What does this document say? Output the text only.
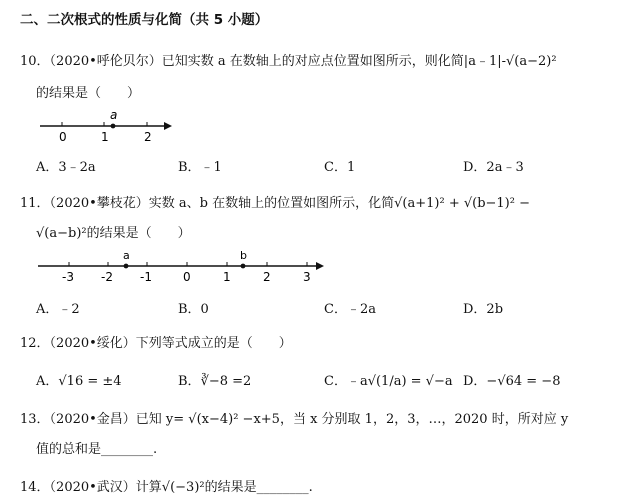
二、二次根式的性质与化简（共 5 小题）
10．（2020•呼伦贝尔）已知实数 a 在数轴上的对应点位置如图所示，则化简|a﹣1|-√(a−2)²
的结果是（　　）
0	1	2
a
A．3﹣2a	B．﹣1	C．1	D．2a﹣3
11．（2020•攀枝花）实数 a、b 在数轴上的位置如图所示，化简√(a+1)² + √(b−1)² −
√(a−b)²的结果是（　　）
-3 -2 -1	0	1	2	3
a	b
A．﹣2	B．0	C．﹣2a	D．2b
12．（2020•绥化）下列等式成立的是（　　）
A．√16 = ±4	B．∛−8 =2	C．﹣a√(1/a) = √−a D．−√64 = −8
13．（2020•金昌）已知 y= √(x−4)² −x+5，当 x 分别取 1，2，3，…，2020 时，所对应 y
值的总和是________.
14．（2020•武汉）计算√(−3)²的结果是________.
